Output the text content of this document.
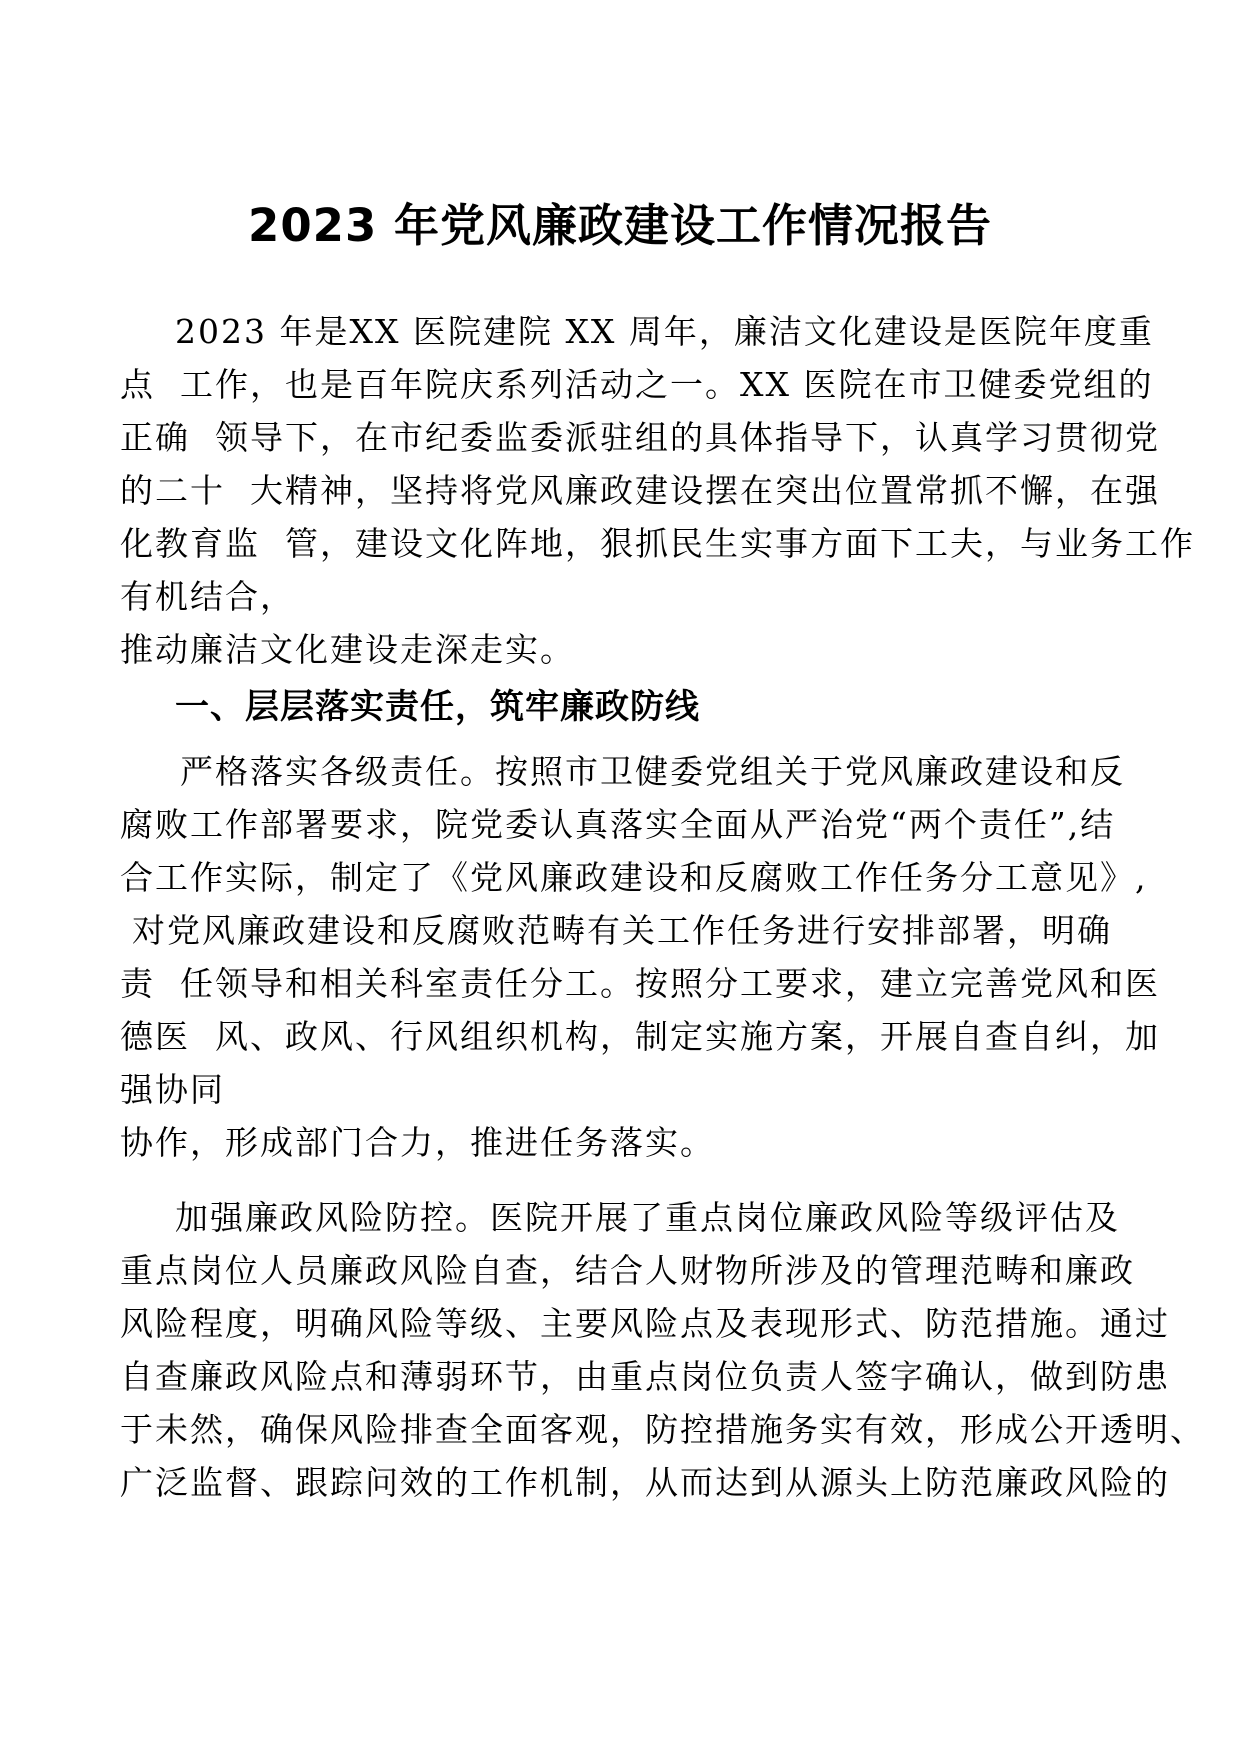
2023 年党风廉政建设工作情况报告
2023 年是XX 医院建院 XX 周年，廉洁文化建设是医院年度重
点  工作，也是百年院庆系列活动之一。XX 医院在市卫健委党组的
正确  领导下，在市纪委监委派驻组的具体指导下，认真学习贯彻党
的二十  大精神，坚持将党风廉政建设摆在突出位置常抓不懈，在强
化教育监  管，建设文化阵地，狠抓民生实事方面下工夫，与业务工作
有机结合，
推动廉洁文化建设走深走实。
一、层层落实责任，筑牢廉政防线
严格落实各级责任。按照市卫健委党组关于党风廉政建设和反
腐败工作部署要求，院党委认真落实全面从严治党“两个责任”,结
合工作实际，制定了《党风廉政建设和反腐败工作任务分工意见》,
对党风廉政建设和反腐败范畴有关工作任务进行安排部署，明确
责  任领导和相关科室责任分工。按照分工要求，建立完善党风和医
德医  风、政风、行风组织机构，制定实施方案，开展自查自纠，加
强协同
协作，形成部门合力，推进任务落实。
加强廉政风险防控。医院开展了重点岗位廉政风险等级评估及
重点岗位人员廉政风险自查，结合人财物所涉及的管理范畴和廉政
风险程度，明确风险等级、主要风险点及表现形式、防范措施。通过
自查廉政风险点和薄弱环节，由重点岗位负责人签字确认，做到防患
于未然，确保风险排查全面客观，防控措施务实有效，形成公开透明、
广泛监督、跟踪问效的工作机制，从而达到从源头上防范廉政风险的
